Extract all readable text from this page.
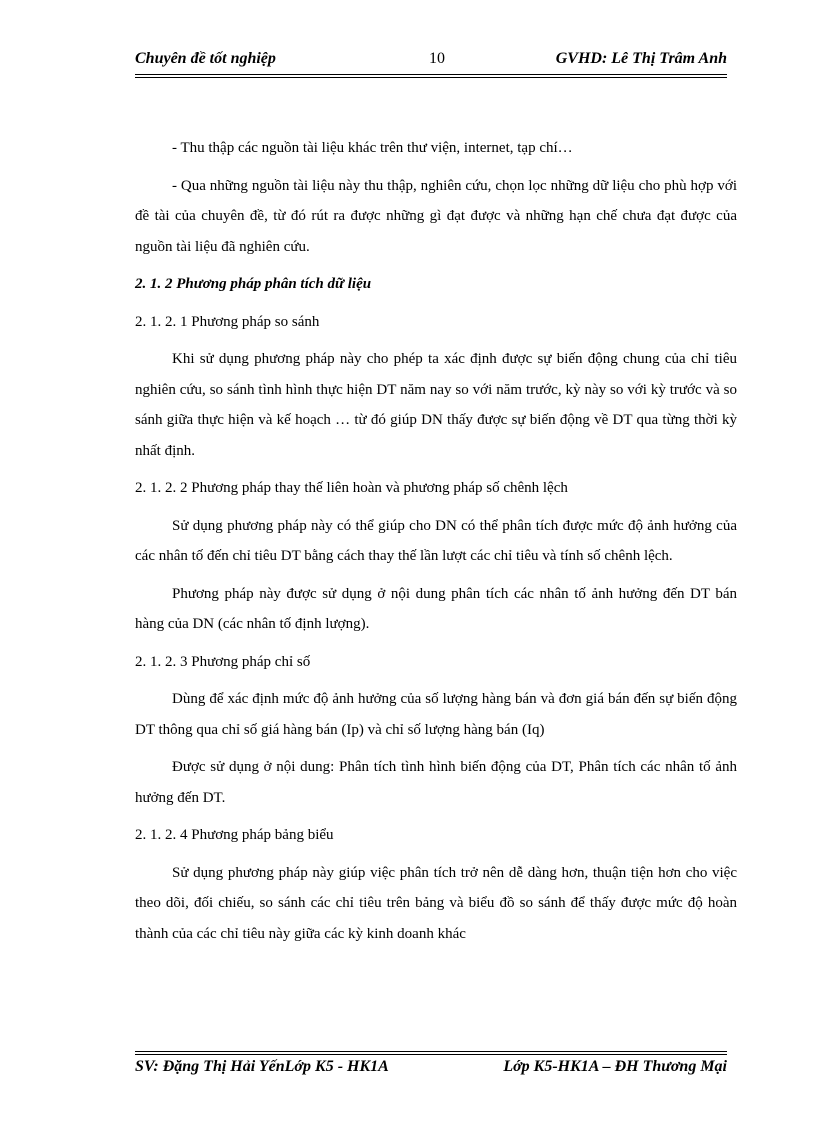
Chuyên đề tốt nghiệp	10	GVHD: Lê Thị Trâm Anh

- Thu thập các nguồn tài liệu khác trên thư viện, internet, tạp chí…

- Qua những nguồn tài liệu này thu thập, nghiên cứu, chọn lọc những dữ liệu cho phù hợp với đề tài của chuyên đề, từ đó rút ra được những gì đạt được và những hạn chế chưa đạt được của nguồn tài liệu đã nghiên cứu.

2. 1. 2 Phương pháp phân tích dữ liệu

2. 1. 2. 1 Phương pháp so sánh

Khi sử dụng phương pháp này cho phép ta xác định được sự biến động chung của chỉ tiêu nghiên cứu, so sánh tình hình thực hiện DT năm nay so với năm trước, kỳ này so với kỳ trước và so sánh giữa thực hiện và kế hoạch … từ đó giúp DN thấy được sự biến động về DT qua từng thời kỳ nhất định.

2. 1. 2. 2 Phương pháp thay thế liên hoàn và phương pháp số chênh lệch

Sử dụng phương pháp này có thể giúp cho DN có thể phân tích được mức độ ảnh hưởng của các nhân tố đến chỉ tiêu DT bằng cách thay thế lần lượt các chỉ tiêu và tính số chênh lệch.

Phương pháp này được sử dụng ở nội dung phân tích các nhân tố ảnh hưởng đến DT bán hàng của DN (các nhân tố định lượng).

2. 1. 2. 3 Phương pháp chỉ số

Dùng để xác định mức độ ảnh hưởng của số lượng hàng bán và đơn giá bán đến sự biến động DT thông qua chỉ số giá hàng bán (Ip) và chỉ số lượng hàng bán (Iq)

Được sử dụng ở nội dung: Phân tích tình hình biến động của DT, Phân tích các nhân tố ảnh hưởng đến DT.

2. 1. 2. 4 Phương pháp bảng biểu

Sử dụng phương pháp này giúp việc phân tích trở nên dễ dàng hơn, thuận tiện hơn cho việc theo dõi, đối chiếu, so sánh các chỉ tiêu trên bảng và biểu đồ so sánh để thấy được mức độ hoàn thành của các chỉ tiêu này giữa các kỳ kinh doanh khác

SV: Đặng Thị Hải YếnLớp K5 - HK1A	Lớp K5-HK1A – ĐH Thương Mại
